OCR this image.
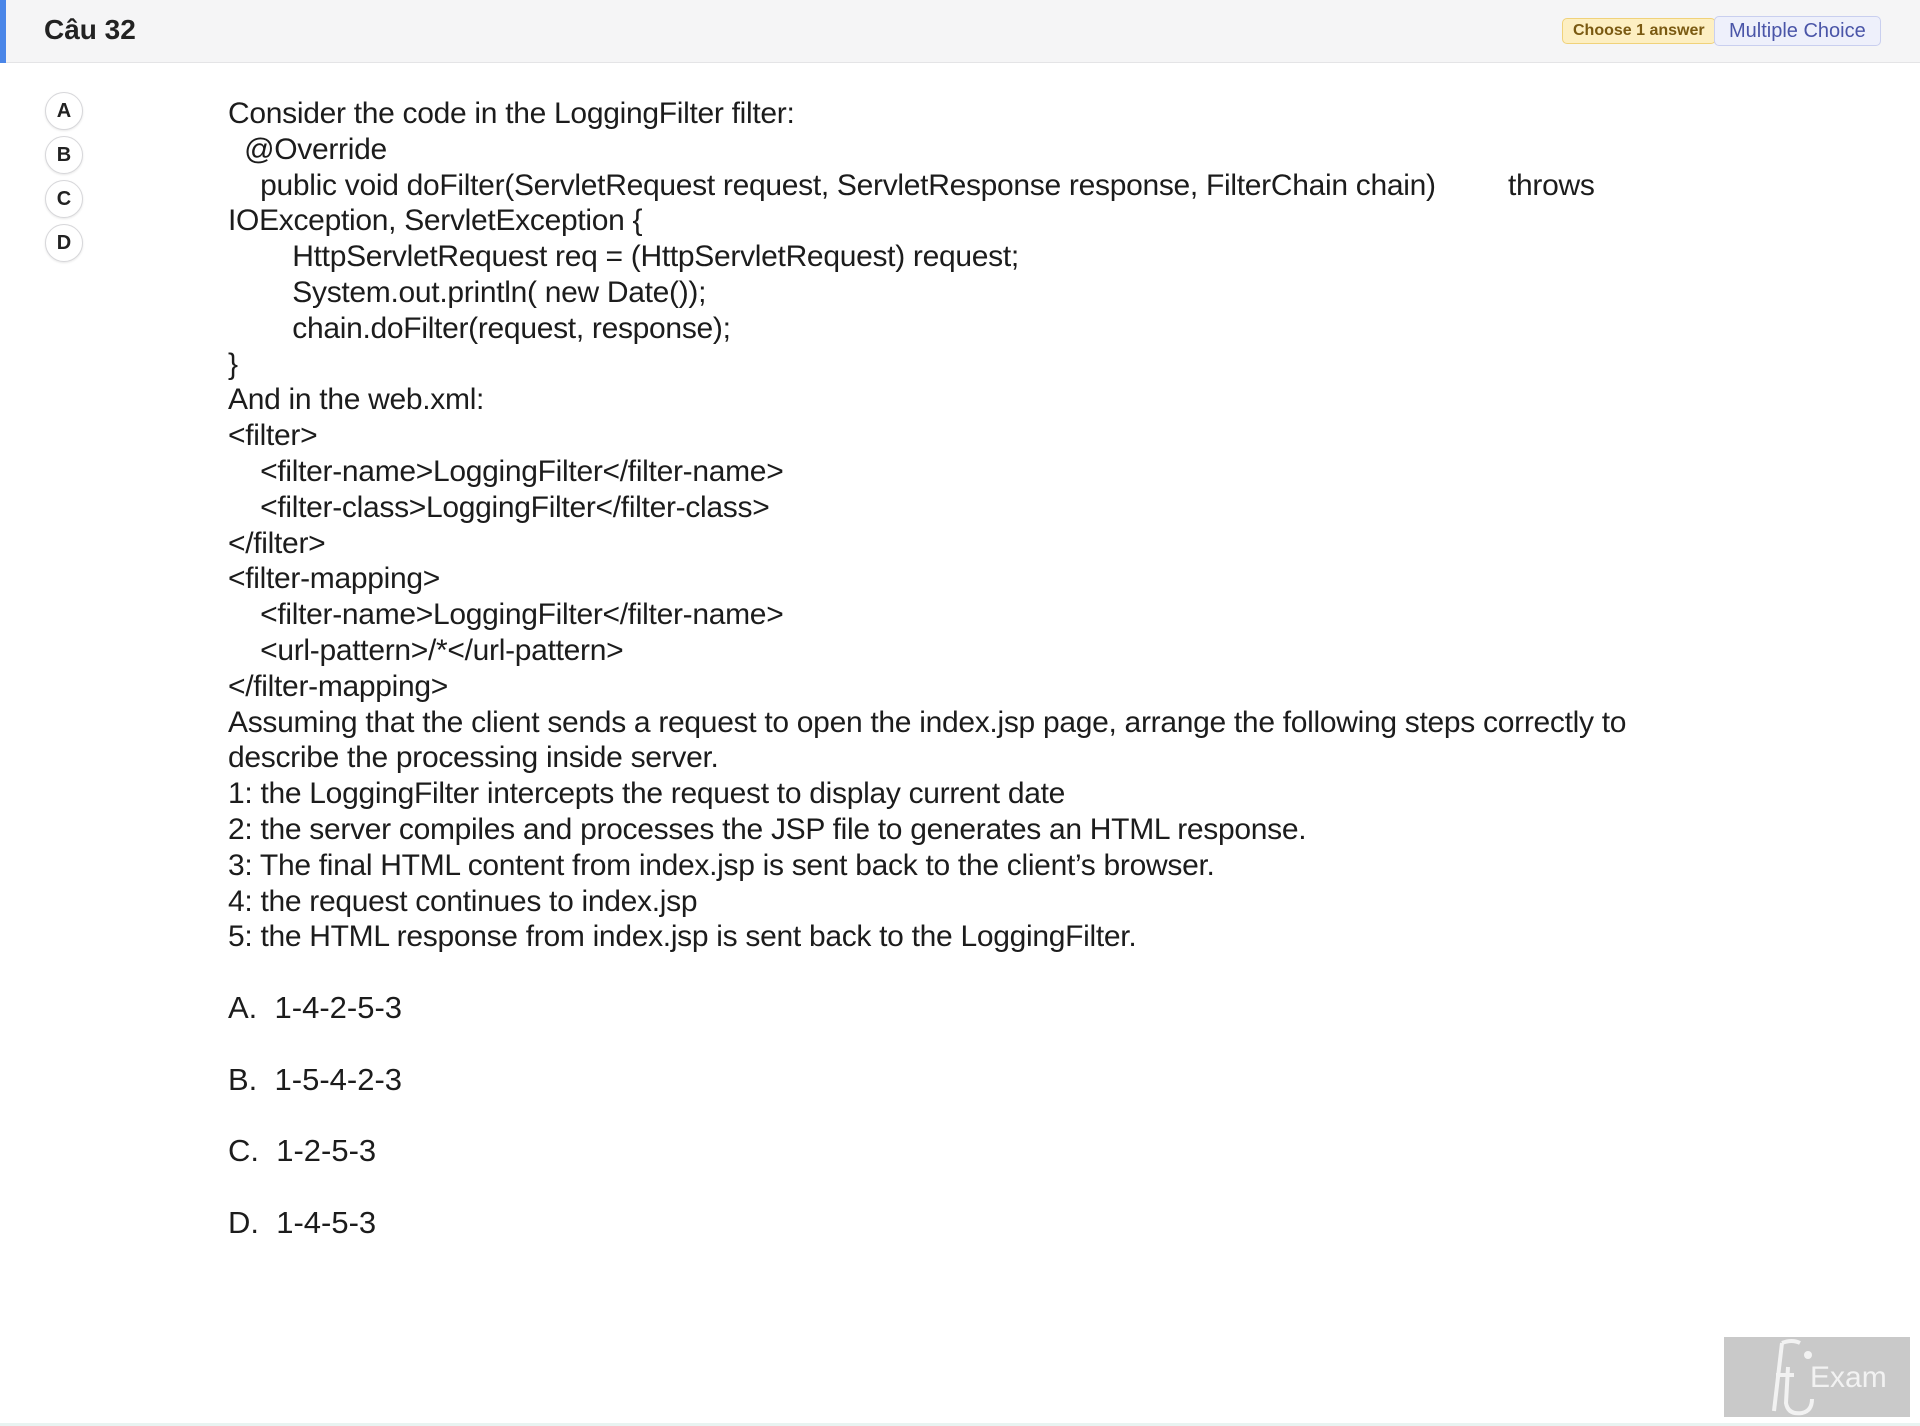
Câu 32	Choose 1 answer	Multiple Choice
A
B
C
D
Consider the code in the LoggingFilter filter:
@Override
public void doFilter(ServletRequest request, ServletResponse response, FilterChain chain)         throws
IOException, ServletException {
HttpServletRequest req = (HttpServletRequest) request;
System.out.println( new Date());
chain.doFilter(request, response);
}
And in the web.xml:
<filter>
<filter-name>LoggingFilter</filter-name>
<filter-class>LoggingFilter</filter-class>
</filter>
<filter-mapping>
<filter-name>LoggingFilter</filter-name>
<url-pattern>/*</url-pattern>
</filter-mapping>
Assuming that the client sends a request to open the index.jsp page, arrange the following steps correctly to
describe the processing inside server.
1: the LoggingFilter intercepts the request to display current date
2: the server compiles and processes the JSP file to generates an HTML response.
3: The final HTML content from index.jsp is sent back to the client’s browser.
4: the request continues to index.jsp
5: the HTML response from index.jsp is sent back to the LoggingFilter.
A.  1-4-2-5-3
B.  1-5-4-2-3
C.  1-2-5-3
D.  1-4-5-3
Exam
